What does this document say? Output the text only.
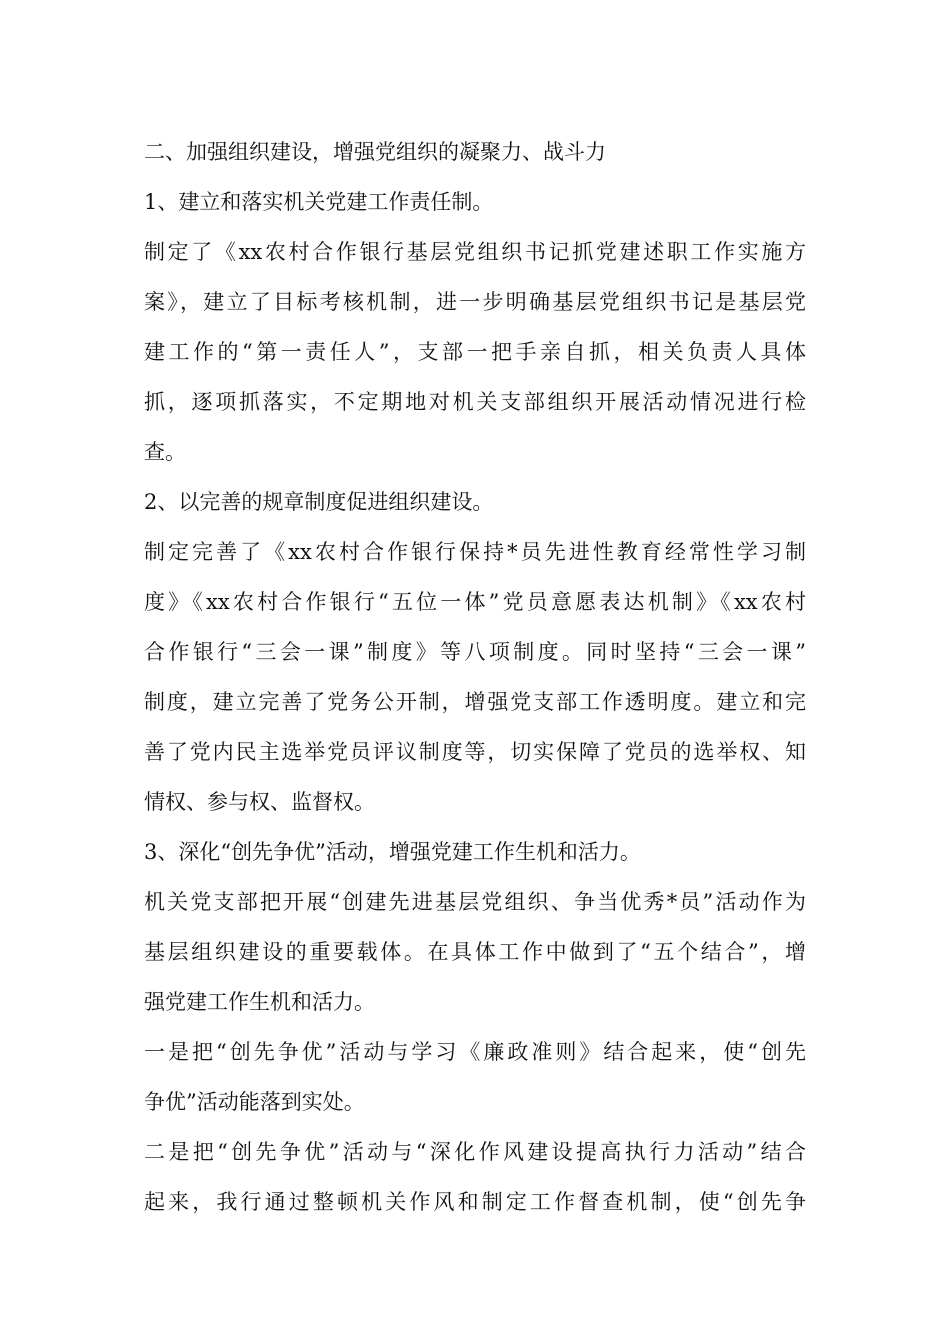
二、加强组织建设，增强党组织的凝聚力、战斗力
1、建立和落实机关党建工作责任制。
制定了《xx农村合作银行基层党组织书记抓党建述职工作实施方
案》，建立了目标考核机制，进一步明确基层党组织书记是基层党
建工作的“第一责任人”，支部一把手亲自抓，相关负责人具体
抓，逐项抓落实，不定期地对机关支部组织开展活动情况进行检
查。
2、以完善的规章制度促进组织建设。
制定完善了《xx农村合作银行保持*员先进性教育经常性学习制
度》《xx农村合作银行“五位一体”党员意愿表达机制》《xx农村
合作银行“三会一课”制度》等八项制度。同时坚持“三会一课”
制度，建立完善了党务公开制，增强党支部工作透明度。建立和完
善了党内民主选举党员评议制度等，切实保障了党员的选举权、知
情权、参与权、监督权。
3、深化“创先争优”活动，增强党建工作生机和活力。
机关党支部把开展“创建先进基层党组织、争当优秀*员”活动作为
基层组织建设的重要载体。在具体工作中做到了“五个结合”，增
强党建工作生机和活力。
一是把“创先争优”活动与学习《廉政准则》结合起来，使“创先
争优”活动能落到实处。
二是把“创先争优”活动与“深化作风建设提高执行力活动”结合
起来，我行通过整顿机关作风和制定工作督查机制，使“创先争
